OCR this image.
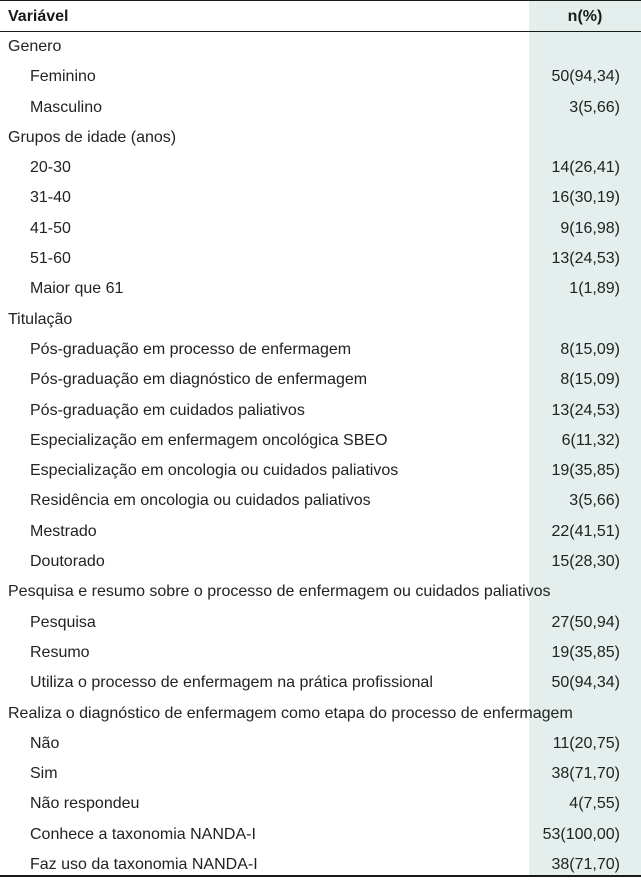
Variável	n(%)
Genero
Feminino	50(94,34)
Masculino	3(5,66)
Grupos de idade (anos)
20-30	14(26,41)
31-40	16(30,19)
41-50	9(16,98)
51-60	13(24,53)
Maior que 61	1(1,89)
Titulação
Pós-graduação em processo de enfermagem	8(15,09)
Pós-graduação em diagnóstico de enfermagem	8(15,09)
Pós-graduação em cuidados paliativos	13(24,53)
Especialização em enfermagem oncológica SBEO	6(11,32)
Especialização em oncologia ou cuidados paliativos	19(35,85)
Residência em oncologia ou cuidados paliativos	3(5,66)
Mestrado	22(41,51)
Doutorado	15(28,30)
Pesquisa e resumo sobre o processo de enfermagem ou cuidados paliativos
Pesquisa	27(50,94)
Resumo	19(35,85)
Utiliza o processo de enfermagem na prática profissional	50(94,34)
Realiza o diagnóstico de enfermagem como etapa do processo de enfermagem
Não	11(20,75)
Sim	38(71,70)
Não respondeu	4(7,55)
Conhece a taxonomia NANDA-I	53(100,00)
Faz uso da taxonomia NANDA-I	38(71,70)
